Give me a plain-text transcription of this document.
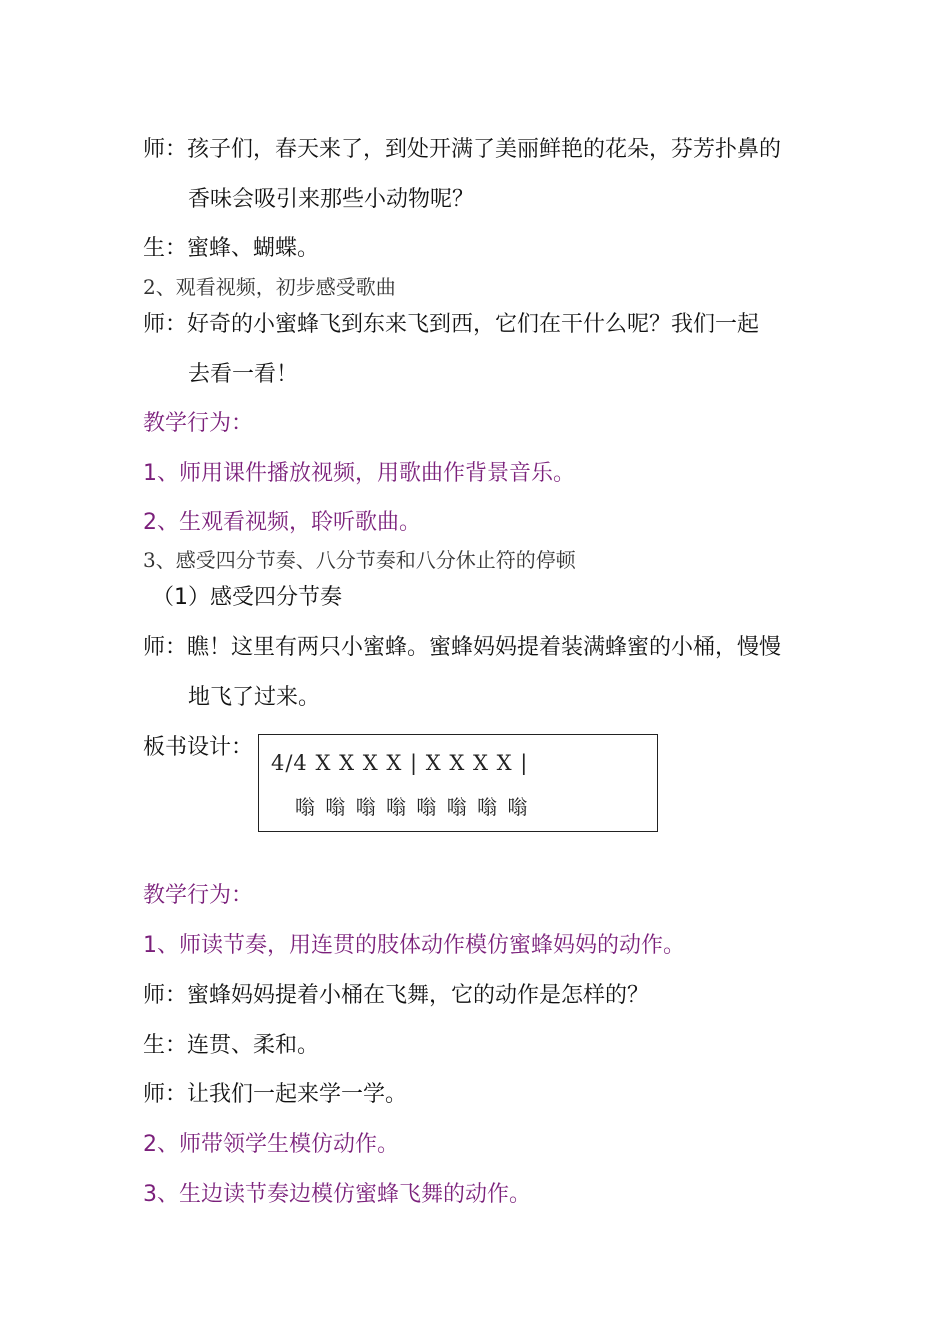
师：孩子们，春天来了，到处开满了美丽鲜艳的花朵，芬芳扑鼻的
香味会吸引来那些小动物呢？
生：蜜蜂、蝴蝶。
2、观看视频，初步感受歌曲
师：好奇的小蜜蜂飞到东来飞到西，它们在干什么呢？我们一起
去看一看！
教学行为：
1、师用课件播放视频，用歌曲作背景音乐。
2、生观看视频，聆听歌曲。
3、感受四分节奏、八分节奏和八分休止符的停顿
（1）感受四分节奏
师：瞧！这里有两只小蜜蜂。蜜蜂妈妈提着装满蜂蜜的小桶，慢慢
地飞了过来。
板书设计：
4/4 X X X X | X X X X |
嗡 嗡 嗡 嗡 嗡 嗡 嗡 嗡
教学行为：
1、师读节奏，用连贯的肢体动作模仿蜜蜂妈妈的动作。
师：蜜蜂妈妈提着小桶在飞舞，它的动作是怎样的？
生：连贯、柔和。
师：让我们一起来学一学。
2、师带领学生模仿动作。
3、生边读节奏边模仿蜜蜂飞舞的动作。
